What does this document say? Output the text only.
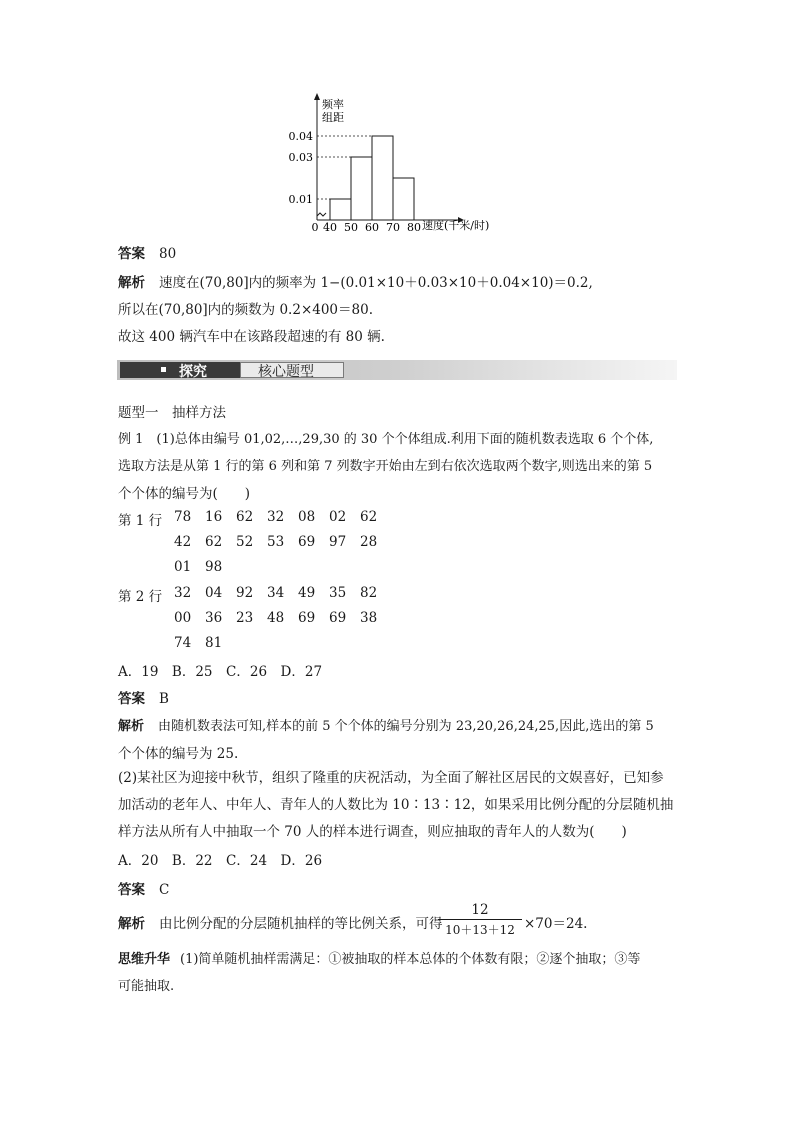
0.01
0.03
0.04
0 40 50 60 70 80
频率
组距
速度(千米/时)
答案 80
解析 速度在(70,80]内的频率为 1−(0.01×10＋0.03×10＋0.04×10)＝0.2,
所以在(70,80]内的频数为 0.2×400＝80.
故这 400 辆汽车中在该路段超速的有 80 辆.
探究	核心题型
题型一　抽样方法
例 1　(1)总体由编号 01,02,…,29,30 的 30 个个体组成.利用下面的随机数表选取 6 个个体,
选取方法是从第 1 行的第 6 列和第 7 列数字开始由左到右依次选取两个数字,则选出来的第 5
个个体的编号为(　　)
第 1 行 78 16 62 32 08 02 62
42 62 52 53 69 97 28
01 98
第 2 行 32 04 92 34 49 35 82
00 36 23 48 69 69 38
74 81
A．19　B．25　C．26　D．27
答案 B
解析 由随机数表法可知,样本的前 5 个个体的编号分别为 23,20,26,24,25,因此,选出的第 5
个个体的编号为 25.
(2)某社区为迎接中秋节，组织了隆重的庆祝活动，为全面了解社区居民的文娱喜好，已知参
加活动的老年人、中年人、青年人的人数比为 10∶13∶12，如果采用比例分配的分层随机抽
样方法从所有人中抽取一个 70 人的样本进行调查，则应抽取的青年人的人数为(　　)
A．20　B．22　C．24　D．26
答案 C
解析 由比例分配的分层随机抽样的等比例关系，可得
12
10＋13＋12 ×70＝24.
思维升华 (1)简单随机抽样需满足：①被抽取的样本总体的个体数有限；②逐个抽取；③等
可能抽取.
